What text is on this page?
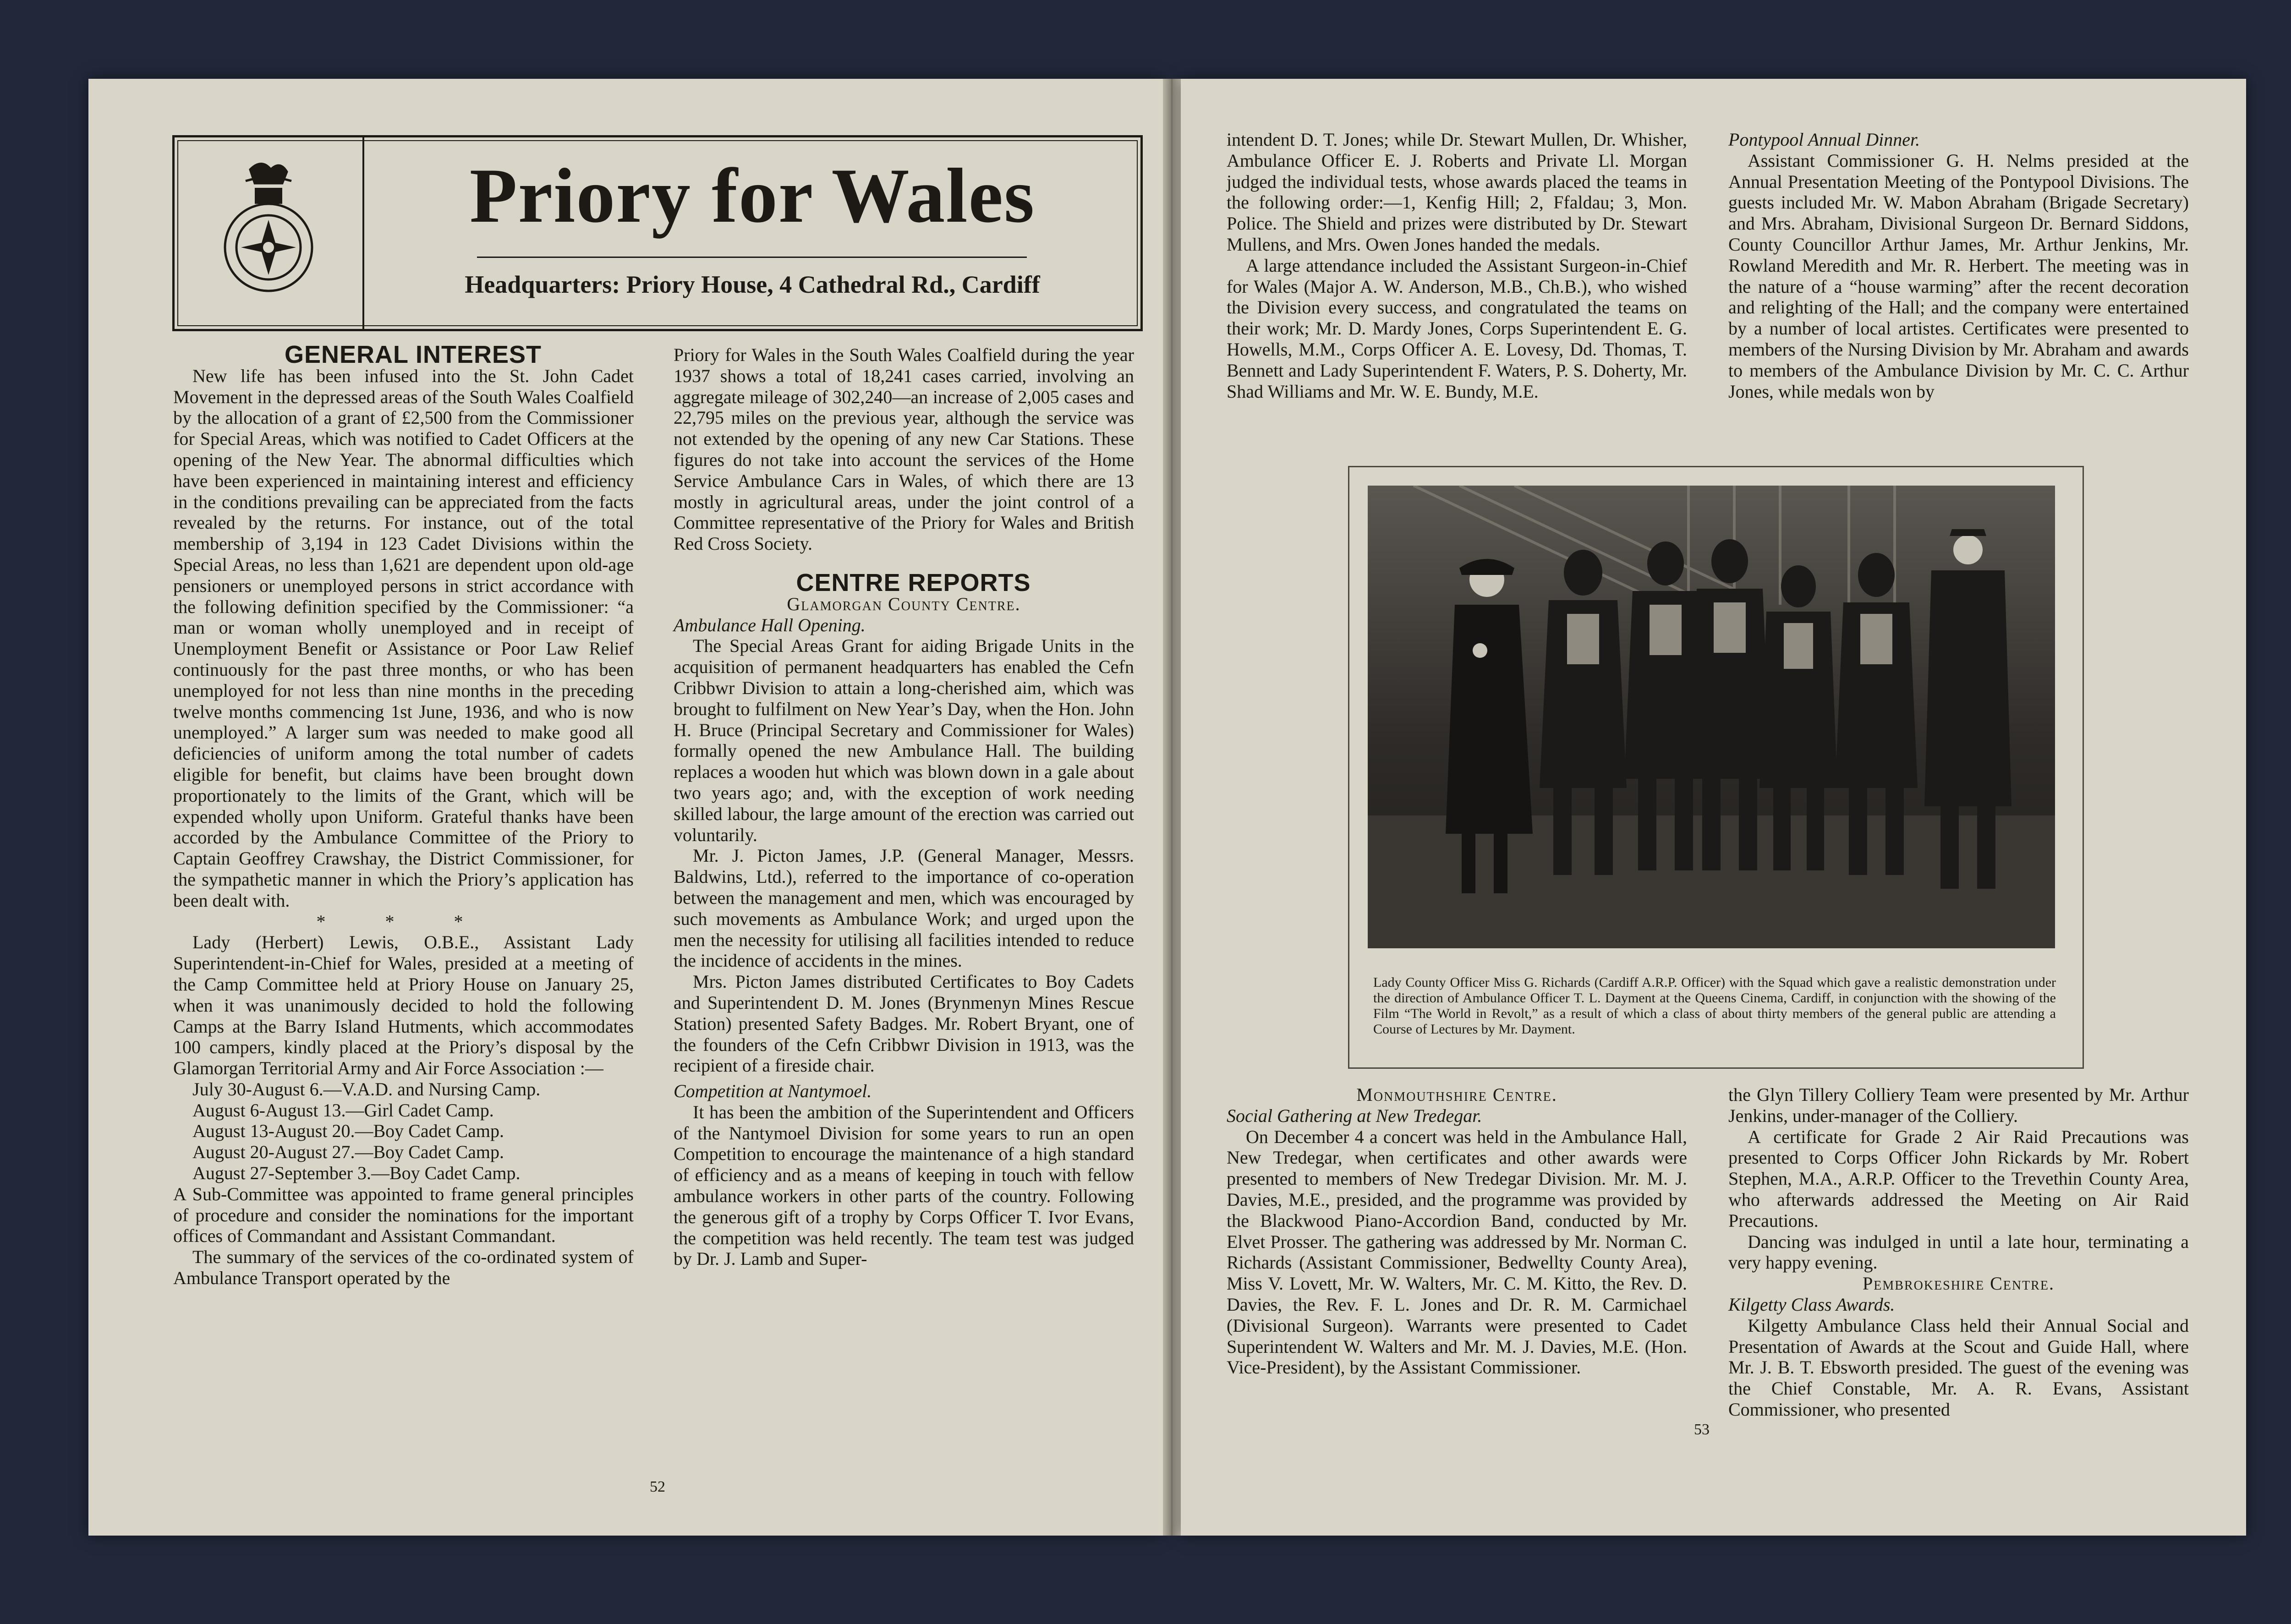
Priory for Wales
Headquarters: Priory House, 4 Cathedral Rd., Cardiff

GENERAL INTEREST

New life has been infused into the St. John Cadet Movement in the depressed areas of the South Wales Coalfield by the allocation of a grant of £2,500 from the Commissioner for Special Areas, which was notified to Cadet Officers at the opening of the New Year. The abnormal difficulties which have been experienced in maintaining interest and efficiency in the conditions prevailing can be appreciated from the facts revealed by the returns. For instance, out of the total membership of 3,194 in 123 Cadet Divisions within the Special Areas, no less than 1,621 are dependent upon old-age pensioners or unemployed persons in strict accordance with the following definition specified by the Commissioner: “a man or woman wholly unemployed and in receipt of Unemployment Benefit or Assistance or Poor Law Relief continuously for the past three months, or who has been unemployed for not less than nine months in the preceding twelve months commencing 1st June, 1936, and who is now unemployed.” A larger sum was needed to make good all deficiencies of uniform among the total number of cadets eligible for benefit, but claims have been brought down proportionately to the limits of the Grant, which will be expended wholly upon Uniform. Grateful thanks have been accorded by the Ambulance Committee of the Priory to Captain Geoffrey Crawshay, the District Commissioner, for the sympathetic manner in which the Priory’s application has been dealt with.

* * *

Lady (Herbert) Lewis, O.B.E., Assistant Lady Superintendent-in-Chief for Wales, presided at a meeting of the Camp Committee held at Priory House on January 25, when it was unanimously decided to hold the following Camps at the Barry Island Hutments, which accommodates 100 campers, kindly placed at the Priory’s disposal by the Glamorgan Territorial Army and Air Force Association :—

July 30-August 6.—V.A.D. and Nursing Camp.

August 6-August 13.—Girl Cadet Camp.

August 13-August 20.—Boy Cadet Camp.

August 20-August 27.—Boy Cadet Camp.

August 27-September 3.—Boy Cadet Camp.

A Sub-Committee was appointed to frame general principles of procedure and consider the nominations for the important offices of Commandant and Assistant Commandant.

The summary of the services of the co-ordinated system of Ambulance Transport operated by the

Priory for Wales in the South Wales Coalfield during the year 1937 shows a total of 18,241 cases carried, involving an aggregate mileage of 302,240—an increase of 2,005 cases and 22,795 miles on the previous year, although the service was not extended by the opening of any new Car Stations. These figures do not take into account the services of the Home Service Ambulance Cars in Wales, of which there are 13 mostly in agricultural areas, under the joint control of a Committee representative of the Priory for Wales and British Red Cross Society.

CENTRE REPORTS

Glamorgan County Centre.

Ambulance Hall Opening.

The Special Areas Grant for aiding Brigade Units in the acquisition of permanent headquarters has enabled the Cefn Cribbwr Division to attain a long-cherished aim, which was brought to fulfilment on New Year’s Day, when the Hon. John H. Bruce (Principal Secretary and Commissioner for Wales) formally opened the new Ambulance Hall. The building replaces a wooden hut which was blown down in a gale about two years ago; and, with the exception of work needing skilled labour, the large amount of the erection was carried out voluntarily.

Mr. J. Picton James, J.P. (General Manager, Messrs. Baldwins, Ltd.), referred to the importance of co-operation between the management and men, which was encouraged by such movements as Ambulance Work; and urged upon the men the necessity for utilising all facilities intended to reduce the incidence of accidents in the mines.

Mrs. Picton James distributed Certificates to Boy Cadets and Superintendent D. M. Jones (Brynmenyn Mines Rescue Station) presented Safety Badges. Mr. Robert Bryant, one of the founders of the Cefn Cribbwr Division in 1913, was the recipient of a fireside chair.

Competition at Nantymoel.

It has been the ambition of the Superintendent and Officers of the Nantymoel Division for some years to run an open Competition to encourage the maintenance of a high standard of efficiency and as a means of keeping in touch with fellow ambulance workers in other parts of the country. Following the generous gift of a trophy by Corps Officer T. Ivor Evans, the competition was held recently. The team test was judged by Dr. J. Lamb and Super-

52

intendent D. T. Jones; while Dr. Stewart Mullen, Dr. Whisher, Ambulance Officer E. J. Roberts and Private Ll. Morgan judged the individual tests, whose awards placed the teams in the following order:—1, Kenfig Hill; 2, Ffaldau; 3, Mon. Police. The Shield and prizes were distributed by Dr. Stewart Mullens, and Mrs. Owen Jones handed the medals.

A large attendance included the Assistant Surgeon-in-Chief for Wales (Major A. W. Anderson, M.B., Ch.B.), who wished the Division every success, and congratulated the teams on their work; Mr. D. Mardy Jones, Corps Superintendent E. G. Howells, M.M., Corps Officer A. E. Lovesy, Dd. Thomas, T. Bennett and Lady Superintendent F. Waters, P. S. Doherty, Mr. Shad Williams and Mr. W. E. Bundy, M.E.

Pontypool Annual Dinner.

Assistant Commissioner G. H. Nelms presided at the Annual Presentation Meeting of the Pontypool Divisions. The guests included Mr. W. Mabon Abraham (Brigade Secretary) and Mrs. Abraham, Divisional Surgeon Dr. Bernard Siddons, County Councillor Arthur James, Mr. Arthur Jenkins, Mr. Rowland Meredith and Mr. R. Herbert. The meeting was in the nature of a “house warming” after the recent decoration and relighting of the Hall; and the company were entertained by a number of local artistes. Certificates were presented to members of the Nursing Division by Mr. Abraham and awards to members of the Ambulance Division by Mr. C. C. Arthur Jones, while medals won by

Lady County Officer Miss G. Richards (Cardiff A.R.P. Officer) with the Squad which gave a realistic demonstration under the direction of Ambulance Officer T. L. Dayment at the Queens Cinema, Cardiff, in conjunction with the showing of the Film “The World in Revolt,” as a result of which a class of about thirty members of the general public are attending a Course of Lectures by Mr. Dayment.

Monmouthshire Centre.

Social Gathering at New Tredegar.

On December 4 a concert was held in the Ambulance Hall, New Tredegar, when certificates and other awards were presented to members of New Tredegar Division. Mr. M. J. Davies, M.E., presided, and the programme was provided by the Blackwood Piano-Accordion Band, conducted by Mr. Elvet Prosser. The gathering was addressed by Mr. Norman C. Richards (Assistant Commissioner, Bedwellty County Area), Miss V. Lovett, Mr. W. Walters, Mr. C. M. Kitto, the Rev. D. Davies, the Rev. F. L. Jones and Dr. R. M. Carmichael (Divisional Surgeon). Warrants were presented to Cadet Superintendent W. Walters and Mr. M. J. Davies, M.E. (Hon. Vice-President), by the Assistant Commissioner.

the Glyn Tillery Colliery Team were presented by Mr. Arthur Jenkins, under-manager of the Colliery.

A certificate for Grade 2 Air Raid Precautions was presented to Corps Officer John Rickards by Mr. Robert Stephen, M.A., A.R.P. Officer to the Trevethin County Area, who afterwards addressed the Meeting on Air Raid Precautions.

Dancing was indulged in until a late hour, terminating a very happy evening.

Pembrokeshire Centre.

Kilgetty Class Awards.

Kilgetty Ambulance Class held their Annual Social and Presentation of Awards at the Scout and Guide Hall, where Mr. J. B. T. Ebsworth presided. The guest of the evening was the Chief Constable, Mr. A. R. Evans, Assistant Commissioner, who presented

53
